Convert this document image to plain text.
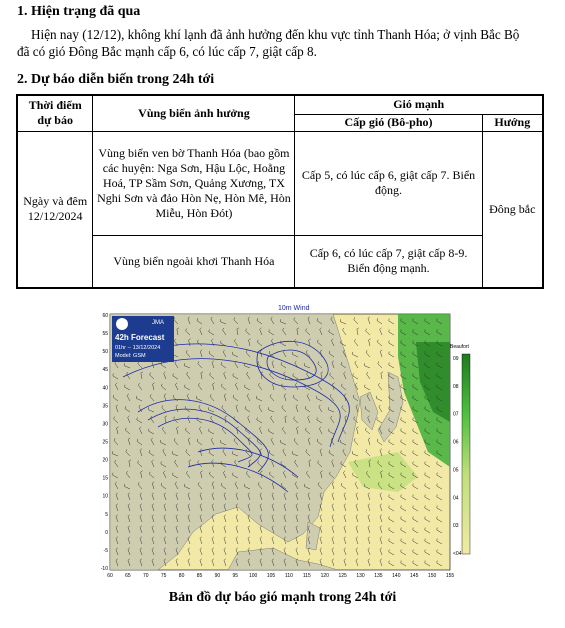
1. Hiện trạng đã qua
Hiện nay (12/12), không khí lạnh đã ảnh hưởng đến khu vực tỉnh Thanh Hóa; ở vịnh Bắc Bộ đã có gió Đông Bắc mạnh cấp 6, có lúc cấp 7, giật cấp 8.
2. Dự báo diễn biến trong 24h tới
Thời điểm dự báo	Vùng biển ảnh hưởng	Gió mạnh	
		Cấp gió (Bô-pho)	Hướng
Ngày và đêm 12/12/2024	Vùng biển ven bờ Thanh Hóa (bao gồm các huyện: Nga Sơn, Hậu Lộc, Hoằng Hoá, TP Sầm Sơn, Quảng Xương, TX Nghi Sơn và đảo Hòn Nẹ, Hòn Mê, Hòn Miễu, Hòn Đót)	Cấp 5, có lúc cấp 6, giật cấp 7. Biển động.	Đông bắc
	Vùng biển ngoài khơi Thanh Hóa	Cấp 6, có lúc cấp 7, giật cấp 8-9. Biển động mạnh.	
10m Wind
JMA
42h Forecast
01hr -- 13/12/2024
Model: GSM
Beaufort
09
08
07
06
05
04
03
<04
60 65 70 75 80 85 90 95 100 105 110 115 120 125 130 135 140 145 150 155
60
55
50
45
40
35
30
25
20
15
10
5
0
-5
-10
Bản đồ dự báo gió mạnh trong 24h tới
